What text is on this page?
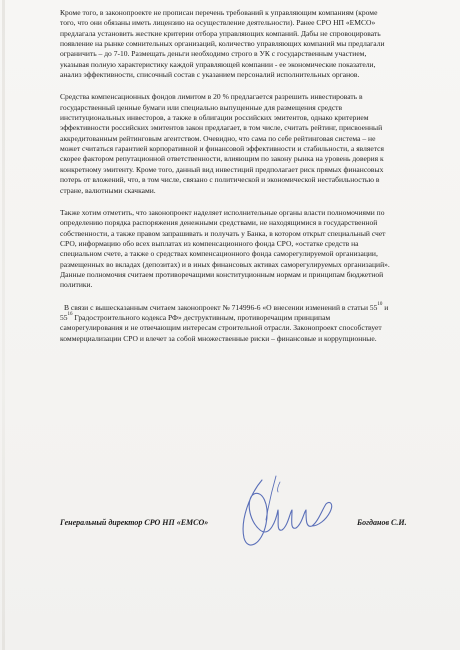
Кроме того, в законопроекте не прописан перечень требований к управляющим компаниям (кроме
того, что они обязаны иметь лицензию на осуществление деятельности). Ранее СРО НП «ЕМСО»
предлагала установить жесткие критерии отбора управляющих компаний. Дабы не спровоцировать
появление на рынке сомнительных организаций, количество управляющих компаний мы предлагали
ограничить – до 7-10. Размещать деньги необходимо строго в УК с государственным участием,
указывая полную характеристику каждой управляющей компании - ее экономические показатели,
анализ эффективности, списочный состав с указанием персоналий исполнительных органов.

Средства компенсационных фондов лимитом в 20 % предлагается разрешить инвестировать в
государственный ценные бумаги или специально выпущенные для размещения средств
институциональных инвесторов, а также в облигации российских эмитентов, однако критерием
эффективности российских эмитентов закон предлагает, в том числе, считать рейтинг, присвоенный
аккредитованным рейтинговым агентством. Очевидно, что сама по себе рейтинговая система – не
может считаться гарантией корпоративной и финансовой эффективности и стабильности, а является
скорее фактором репутационной ответственности, влияющим по закону рынка на уровень доверия к
конкретному эмитенту. Кроме того, данный вид инвестиций предполагает риск прямых финансовых
потерь от вложений, что, в том числе, связано с политической и экономической нестабильностью в
стране, валютными скачками.

Также хотим отметить, что законопроект наделяет исполнительные органы власти полномочиями по
определению порядка распоряжения денежными средствами, не находящимися в государственной
собственности, а также правом запрашивать и получать у Банка, в котором открыт специальный счет
СРО, информацию обо всех выплатах из компенсационного фонда СРО, «остатке средств на
специальном счете, а также о средствах компенсационного фонда саморегулируемой организации,
размещенных во вкладах (депозитах) и в иных финансовых активах саморегулируемых организаций».
Данные полномочия считаем противоречащими конституционным нормам и принципам бюджетной
политики.

В связи с вышесказанным считаем законопроект № 714996-6 «О внесении изменений в статьи $55^{10}$ и
$55^{16}$ Градостроительного кодекса РФ» деструктивным, противоречащим принципам
саморегулирования и не отвечающим интересам строительной отрасли. Законопроект способствует
коммерциализации СРО и влечет за собой множественные риски – финансовые и коррупционные.

Генеральный директор СРО НП «ЕМСО»	Богданов С.И.
